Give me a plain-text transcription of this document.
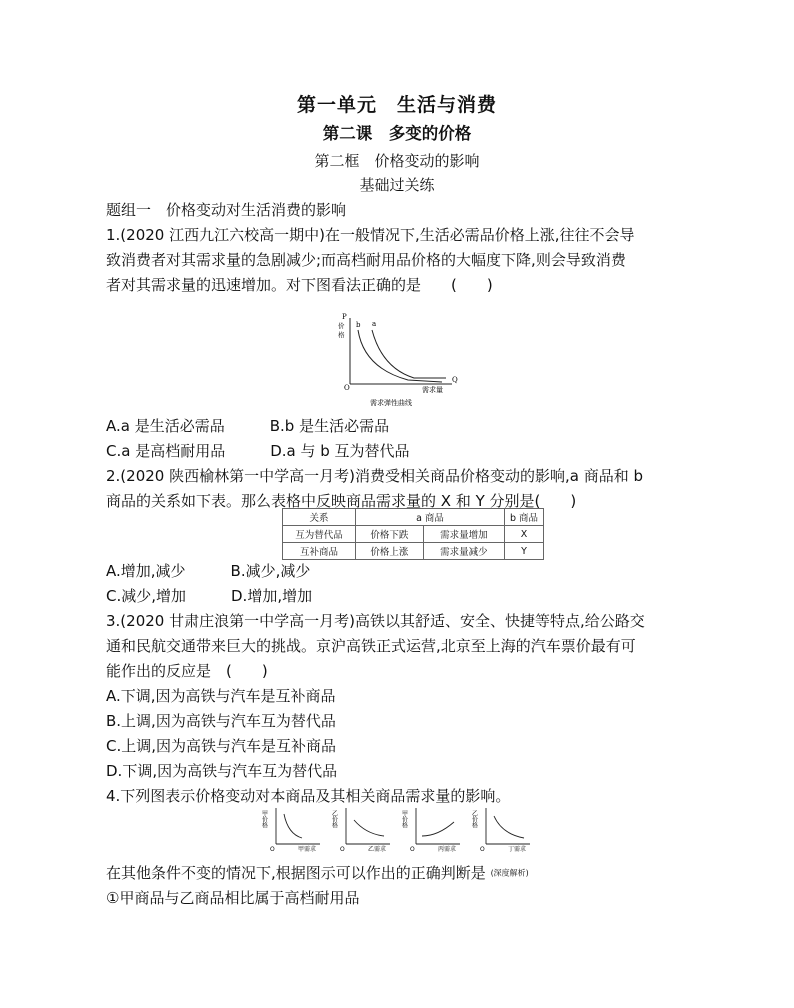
第一单元　生活与消费
第二课　多变的价格
第二框　价格变动的影响
基础过关练
题组一　价格变动对生活消费的影响
1.(2020 江西九江六校高一期中)在一般情况下,生活必需品价格上涨,往往不会导
致消费者对其需求量的急剧减少;而高档耐用品价格的大幅度下降,则会导致消费
者对其需求量的迅速增加。对下图看法正确的是　　(　　)
P
价
格
O
Q
需求量
b a
需求弹性曲线
A.a 是生活必需品　　　B.b 是生活必需品
C.a 是高档耐用品　　　D.a 与 b 互为替代品
2.(2020 陕西榆林第一中学高一月考)消费受相关商品价格变动的影响,a 商品和 b
商品的关系如下表。那么表格中反映商品需求量的 X 和 Y 分别是(　　)
关系	a 商品		b 商品
互为替代品	价格下跌	需求量增加	X
互补商品	价格上涨	需求量减少	Y
A.增加,减少　　　B.减少,减少
C.减少,增加　　　D.增加,增加
3.(2020 甘肃庄浪第一中学高一月考)高铁以其舒适、安全、快捷等特点,给公路交
通和民航交通带来巨大的挑战。京沪高铁正式运营,北京至上海的汽车票价最有可
能作出的反应是　(　　)
A.下调,因为高铁与汽车是互补商品
B.上调,因为高铁与汽车互为替代品
C.上调,因为高铁与汽车是互补商品
D.下调,因为高铁与汽车互为替代品
4.下列图表示价格变动对本商品及其相关商品需求量的影响。
甲价格
O	甲需求
乙价格
O	乙需求
甲价格
O	丙需求
乙价格
O	丁需求
在其他条件不变的情况下,根据图示可以作出的正确判断是 (深度解析)
①甲商品与乙商品相比属于高档耐用品
